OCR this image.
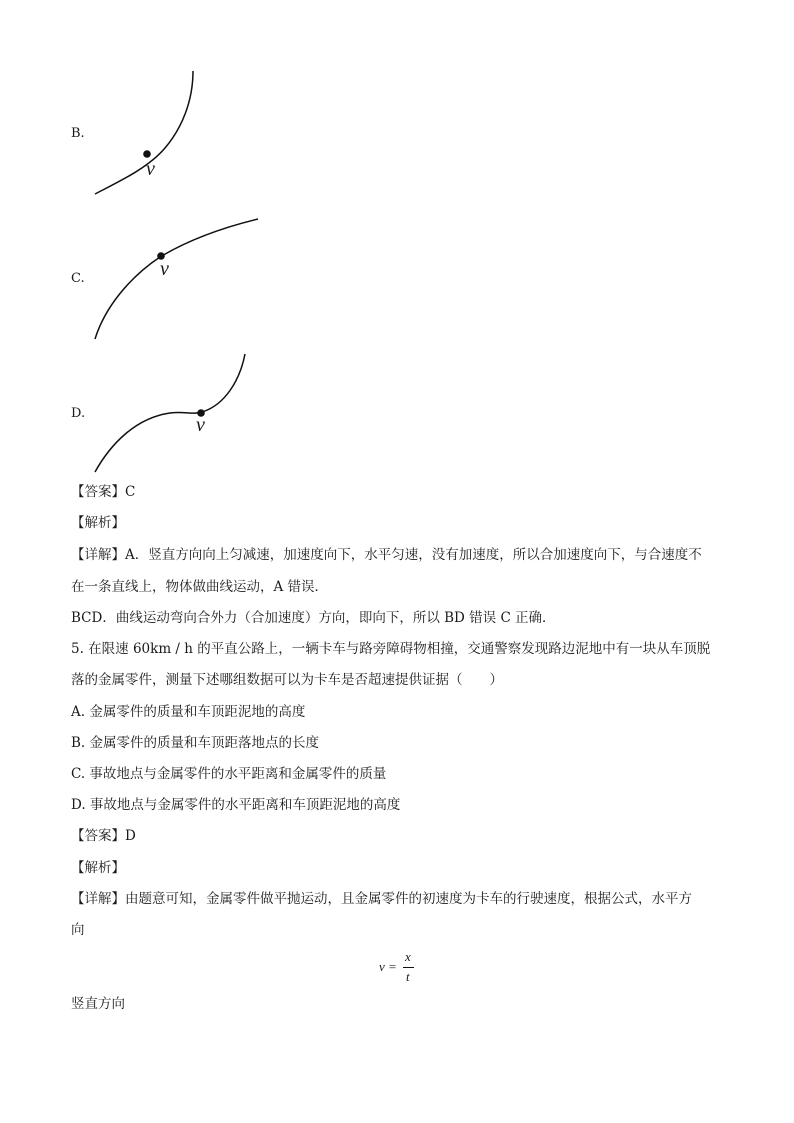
B.
v
C.	v
D.
v
【答案】C
【解析】
【详解】A．竖直方向向上匀减速，加速度向下，水平匀速，没有加速度，所以合加速度向下，与合速度不
在一条直线上，物体做曲线运动，A 错误．
BCD．曲线运动弯向合外力（合加速度）方向，即向下，所以 BD 错误 C 正确．
5. 在限速 60km / h 的平直公路上，一辆卡车与路旁障碍物相撞，交通警察发现路边泥地中有一块从车顶脱
落的金属零件，测量下述哪组数据可以为卡车是否超速提供证据（　　）
A. 金属零件的质量和车顶距泥地的高度
B. 金属零件的质量和车顶距落地点的长度
C. 事故地点与金属零件的水平距离和金属零件的质量
D. 事故地点与金属零件的水平距离和车顶距泥地的高度
【答案】D
【解析】
【详解】由题意可知，金属零件做平抛运动，且金属零件的初速度为卡车的行驶速度，根据公式，水平方
向
v =
x
t
竖直方向
